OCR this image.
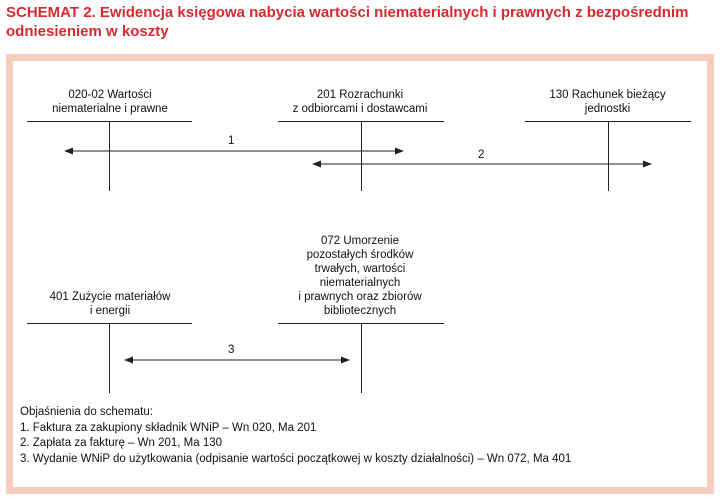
SCHEMAT 2. Ewidencja księgowa nabycia wartości niematerialnych i prawnych z bezpośrednim odniesieniem w koszty
020-02 Wartości
niematerialne i prawne
201 Rozrachunki
z odbiorcami i dostawcami
130 Rachunek bieżący
jednostki
401 Zużycie materiałów
i energii
072 Umorzenie
pozostałych środków
trwałych, wartości
niematerialnych
i prawnych oraz zbiorów
bibliotecznych
1
2
3
Objaśnienia do schematu:
1. Faktura za zakupiony składnik WNiP – Wn 020, Ma 201
2. Zapłata za fakturę – Wn 201, Ma 130
3. Wydanie WNiP do użytkowania (odpisanie wartości początkowej w koszty działalności) – Wn 072, Ma 401
